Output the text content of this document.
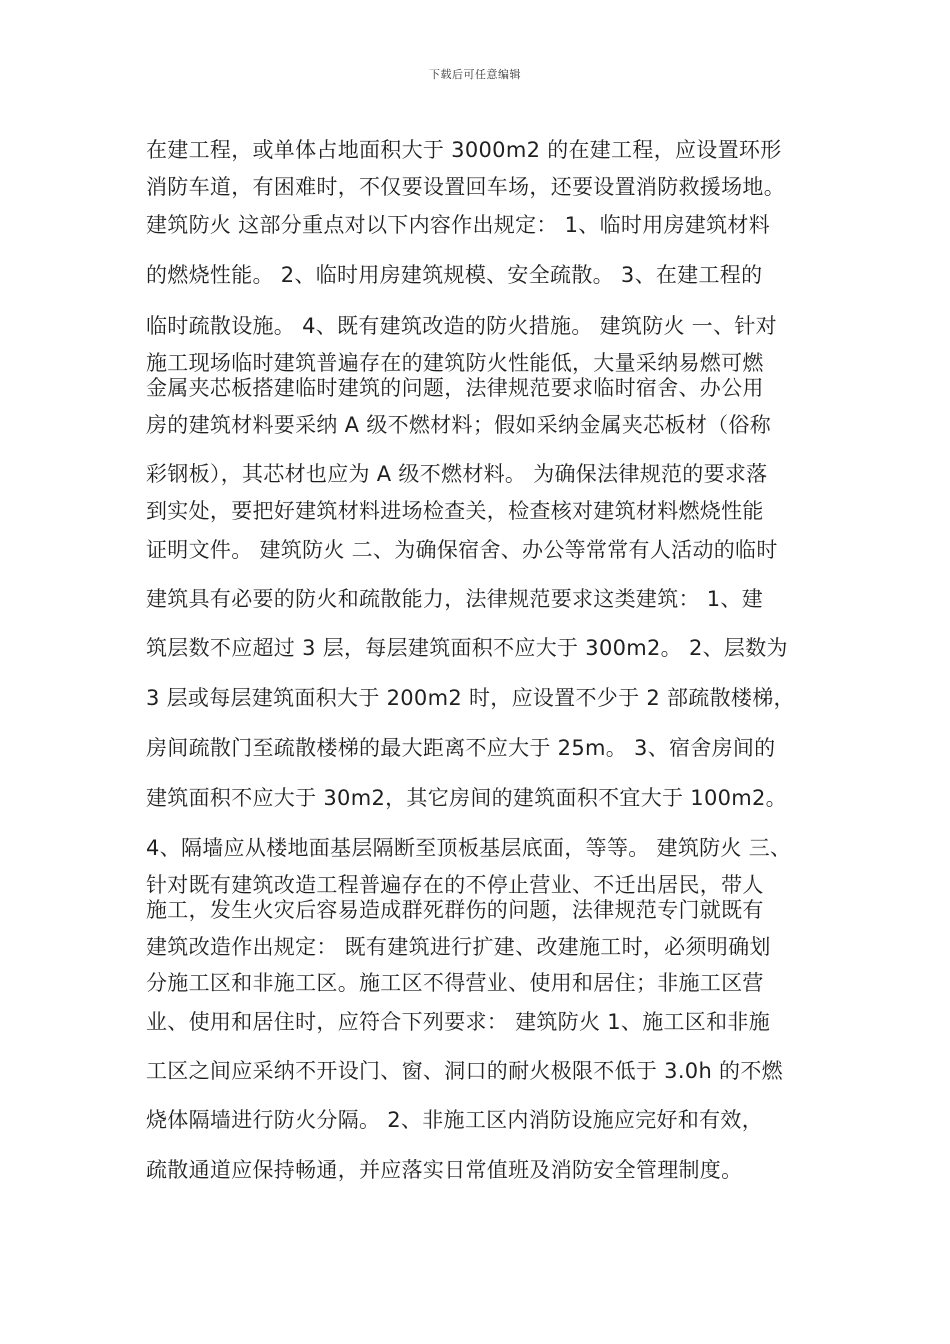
下载后可任意编辑
在建工程，或单体占地面积大于 3000m2 的在建工程，应设置环形
消防车道，有困难时，不仅要设置回车场，还要设置消防救援场地。
建筑防火 这部分重点对以下内容作出规定： 1、临时用房建筑材料
的燃烧性能。 2、临时用房建筑规模、安全疏散。 3、在建工程的
临时疏散设施。 4、既有建筑改造的防火措施。 建筑防火 一、针对
施工现场临时建筑普遍存在的建筑防火性能低，大量采纳易燃可燃
金属夹芯板搭建临时建筑的问题，法律规范要求临时宿舍、办公用
房的建筑材料要采纳 A 级不燃材料；假如采纳金属夹芯板材（俗称
彩钢板），其芯材也应为 A 级不燃材料。 为确保法律规范的要求落
到实处，要把好建筑材料进场检查关，检查核对建筑材料燃烧性能
证明文件。 建筑防火 二、为确保宿舍、办公等常常有人活动的临时
建筑具有必要的防火和疏散能力，法律规范要求这类建筑： 1、建
筑层数不应超过 3 层，每层建筑面积不应大于 300m2。 2、层数为
3 层或每层建筑面积大于 200m2 时，应设置不少于 2 部疏散楼梯，
房间疏散门至疏散楼梯的最大距离不应大于 25m。 3、宿舍房间的
建筑面积不应大于 30m2，其它房间的建筑面积不宜大于 100m2。
4、隔墙应从楼地面基层隔断至顶板基层底面，等等。 建筑防火 三、
针对既有建筑改造工程普遍存在的不停止营业、不迁出居民，带人
施工，发生火灾后容易造成群死群伤的问题，法律规范专门就既有
建筑改造作出规定： 既有建筑进行扩建、改建施工时，必须明确划
分施工区和非施工区。施工区不得营业、使用和居住；非施工区营
业、使用和居住时，应符合下列要求： 建筑防火 1、施工区和非施
工区之间应采纳不开设门、窗、洞口的耐火极限不低于 3.0h 的不燃
烧体隔墙进行防火分隔。 2、非施工区内消防设施应完好和有效，
疏散通道应保持畅通，并应落实日常值班及消防安全管理制度。
